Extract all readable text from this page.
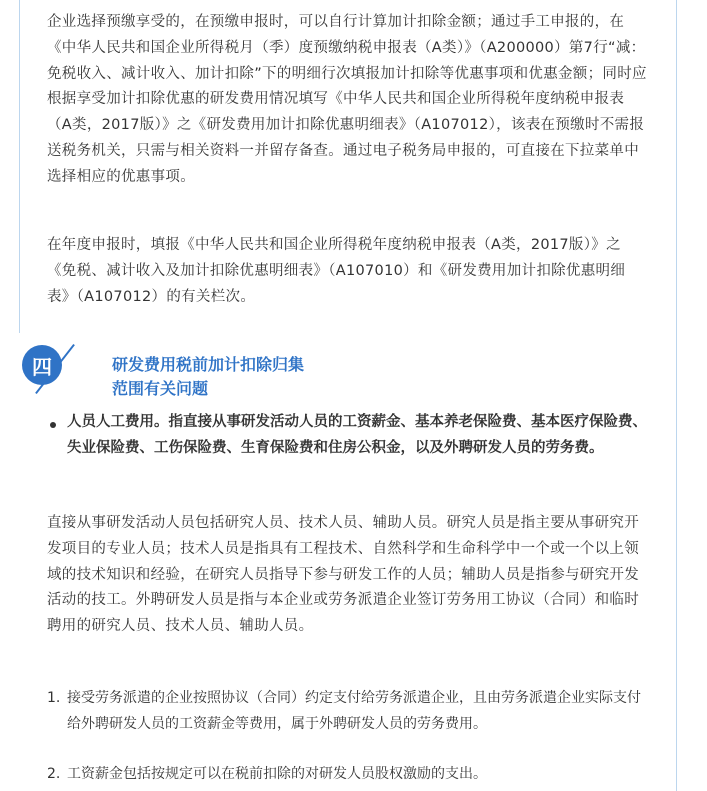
企业选择预缴享受的，在预缴申报时，可以自行计算加计扣除金额；通过手工申报的，在《中华人民共和国企业所得税月（季）度预缴纳税申报表（A类）》（A200000）第7行“减：免税收入、减计收入、加计扣除”下的明细行次填报加计扣除等优惠事项和优惠金额；同时应根据享受加计扣除优惠的研发费用情况填写《中华人民共和国企业所得税年度纳税申报表（A类，2017版）》之《研发费用加计扣除优惠明细表》（A107012），该表在预缴时不需报送税务机关，只需与相关资料一并留存备查。通过电子税务局申报的，可直接在下拉菜单中选择相应的优惠事项。

在年度申报时，填报《中华人民共和国企业所得税年度纳税申报表（A类，2017版）》之《免税、减计收入及加计扣除优惠明细表》（A107010）和《研发费用加计扣除优惠明细表》（A107012）的有关栏次。

四	研发费用税前加计扣除归集
范围有关问题

人员人工费用。指直接从事研发活动人员的工资薪金、基本养老保险费、基本医疗保险费、失业保险费、工伤保险费、生育保险费和住房公积金，以及外聘研发人员的劳务费。

直接从事研发活动人员包括研究人员、技术人员、辅助人员。研究人员是指主要从事研究开发项目的专业人员；技术人员是指具有工程技术、自然科学和生命科学中一个或一个以上领域的技术知识和经验，在研究人员指导下参与研发工作的人员；辅助人员是指参与研究开发活动的技工。外聘研发人员是指与本企业或劳务派遣企业签订劳务用工协议（合同）和临时聘用的研究人员、技术人员、辅助人员。

1. 接受劳务派遣的企业按照协议（合同）约定支付给劳务派遣企业，且由劳务派遣企业实际支付给外聘研发人员的工资薪金等费用，属于外聘研发人员的劳务费用。
2. 工资薪金包括按规定可以在税前扣除的对研发人员股权激励的支出。
